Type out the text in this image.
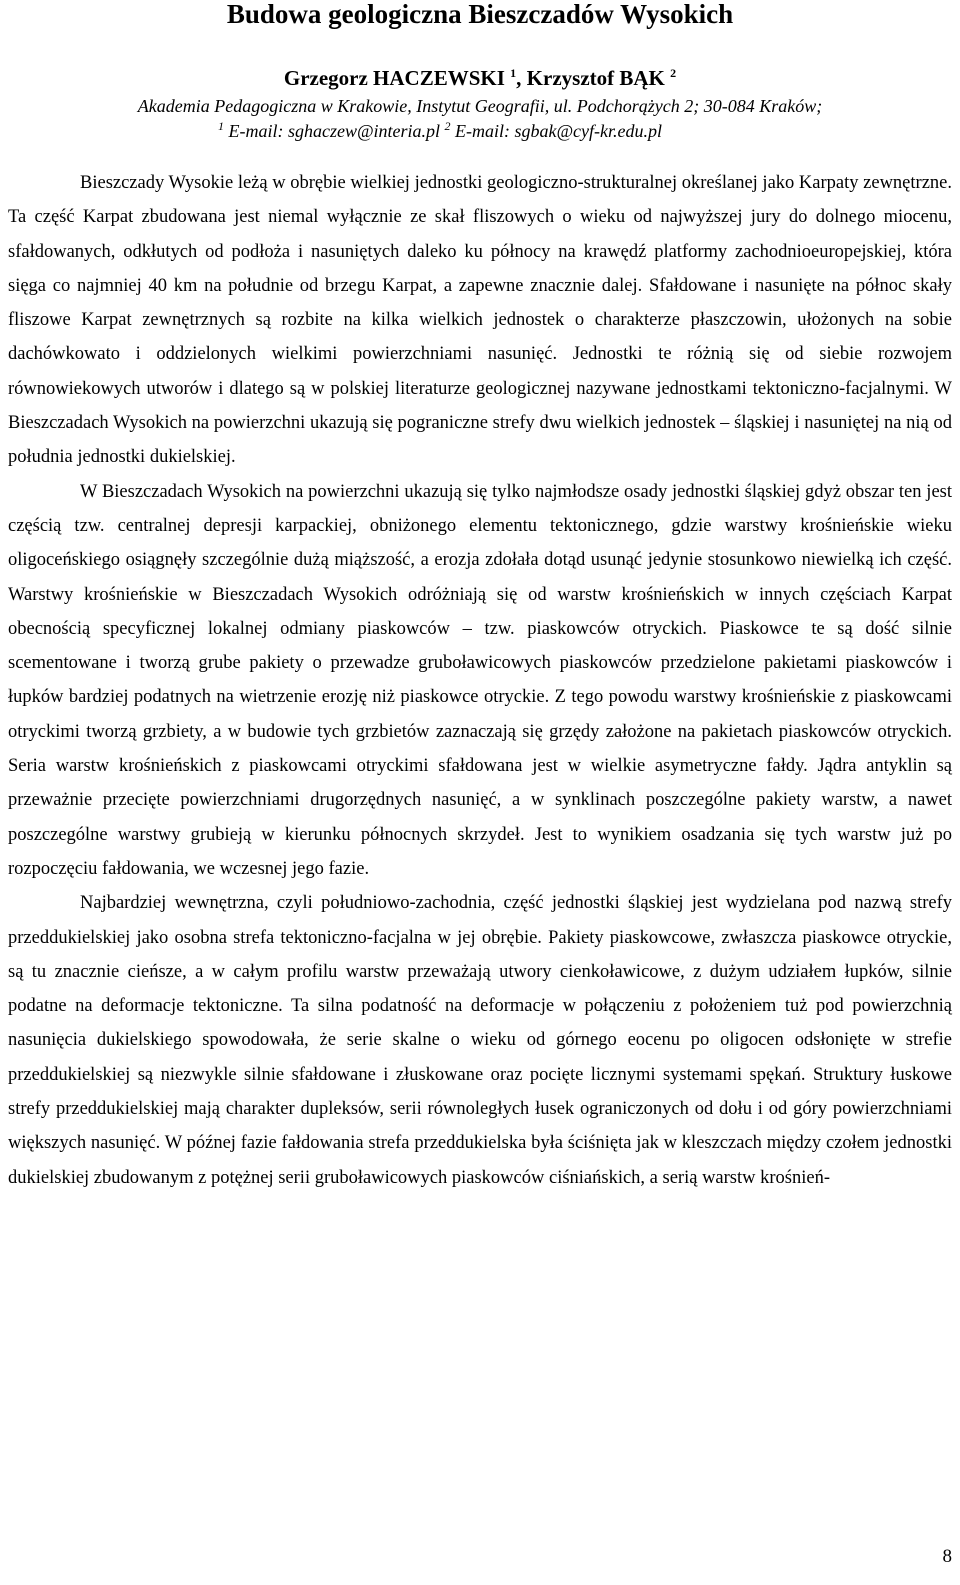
Budowa geologiczna Bieszczadów Wysokich
Grzegorz HACZEWSKI $^1$, Krzysztof BĄK $^2$
Akademia Pedagogiczna w Krakowie, Instytut Geografii, ul. Podchorążych 2; 30-084 Kraków;
$^1$ E-mail: sghaczew@interia.pl $^2$ E-mail: sgbak@cyf-kr.edu.pl

Bieszczady Wysokie leżą w obrębie wielkiej jednostki geologiczno-strukturalnej określanej jako Karpaty zewnętrzne. Ta część Karpat zbudowana jest niemal wyłącznie ze skał fliszowych o wieku od najwyższej jury do dolnego miocenu, sfałdowanych, odkłutych od podłoża i nasuniętych daleko ku północy na krawędź platformy zachodnioeuropejskiej, która sięga co najmniej 40 km na południe od brzegu Karpat, a zapewne znacznie dalej. Sfałdowane i nasunięte na północ skały fliszowe Karpat zewnętrznych są rozbite na kilka wielkich jednostek o charakterze płaszczowin, ułożonych na sobie dachówkowato i oddzielonych wielkimi powierzchniami nasunięć. Jednostki te różnią się od siebie rozwojem równowiekowych utworów i dlatego są w polskiej literaturze geologicznej nazywane jednostkami tektoniczno-facjalnymi. W Bieszczadach Wysokich na powierzchni ukazują się pograniczne strefy dwu wielkich jednostek – śląskiej i nasuniętej na nią od południa jednostki dukielskiej.

W Bieszczadach Wysokich na powierzchni ukazują się tylko najmłodsze osady jednostki śląskiej gdyż obszar ten jest częścią tzw. centralnej depresji karpackiej, obniżonego elementu tektonicznego, gdzie warstwy krośnieńskie wieku oligoceńskiego osiągnęły szczególnie dużą miąższość, a erozja zdołała dotąd usunąć jedynie stosunkowo niewielką ich część. Warstwy krośnieńskie w Bieszczadach Wysokich odróżniają się od warstw krośnieńskich w innych częściach Karpat obecnością specyficznej lokalnej odmiany piaskowców – tzw. piaskowców otryckich. Piaskowce te są dość silnie scementowane i tworzą grube pakiety o przewadze gruboławicowych piaskowców przedzielone pakietami piaskowców i łupków bardziej podatnych na wietrzenie erozję niż piaskowce otryckie. Z tego powodu warstwy krośnieńskie z piaskowcami otryckimi tworzą grzbiety, a w budowie tych grzbietów zaznaczają się grzędy założone na pakietach piaskowców otryckich. Seria warstw krośnieńskich z piaskowcami otryckimi sfałdowana jest w wielkie asymetryczne fałdy. Jądra antyklin są przeważnie przecięte powierzchniami drugorzędnych nasunięć, a w synklinach poszczególne pakiety warstw, a nawet poszczególne warstwy grubieją w kierunku północnych skrzydeł. Jest to wynikiem osadzania się tych warstw już po rozpoczęciu fałdowania, we wczesnej jego fazie.

Najbardziej wewnętrzna, czyli południowo-zachodnia, część jednostki śląskiej jest wydzielana pod nazwą strefy przeddukielskiej jako osobna strefa tektoniczno-facjalna w jej obrębie. Pakiety piaskowcowe, zwłaszcza piaskowce otryckie, są tu znacznie cieńsze, a w całym profilu warstw przeważają utwory cienkoławicowe, z dużym udziałem łupków, silnie podatne na deformacje tektoniczne. Ta silna podatność na deformacje w połączeniu z położeniem tuż pod powierzchnią nasunięcia dukielskiego spowodowała, że serie skalne o wieku od górnego eocenu po oligocen odsłonięte w strefie przeddukielskiej są niezwykle silnie sfałdowane i złuskowane oraz pocięte licznymi systemami spękań. Struktury łuskowe strefy przeddukielskiej mają charakter dupleksów, serii równoległych łusek ograniczonych od dołu i od góry powierzchniami większych nasunięć. W późnej fazie fałdowania strefa przeddukielska była ściśnięta jak w kleszczach między czołem jednostki dukielskiej zbudowanym z potężnej serii gruboławicowych piaskowców ciśniańskich, a serią warstw krośnień-

8
